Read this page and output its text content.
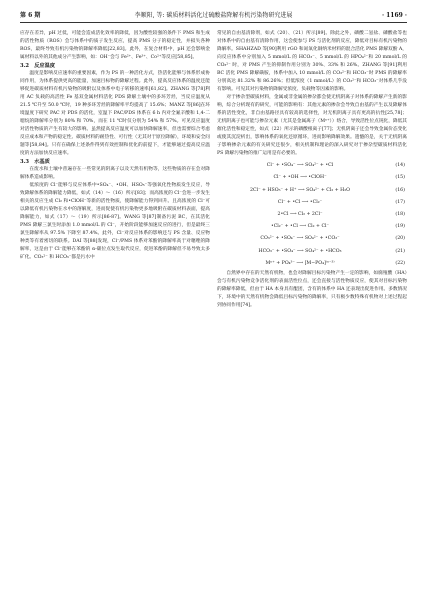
第 6 期	李顺阳, 等: 碳质材料活化过硫酸盐降解有机污染物研究进展	· 1169 ·

应存在差异，pH 过低，可能会造成活化效率的降低，因为酸性较强的条件下 PMS 和生成的活性物质（ROS）会与体系中的质子发生反应，提高 PMS 分子的稳定性，并损失各种 ROS，最终导致有机污染物的降解率降低[22,83]。此外，在复合材料中，pH 还会影响金属材料以外的其他成分产生影响，如：OH⁻会与 Fe²⁺、Fe³⁺、Co²⁺等反应[58,85]。

3.2　反应温度

温度是影响反应速率的重要因素，作为 PS 的一种活化方式，热活化能够与体系形成协同作用，为体系提供更高的能量，加速目标物的降解过程。此外，提高反应体系的温度还能够促进碳质材料有机污染物的吸附以及体系中电子转移的速率[61,82]。ZHANG 等[78]利用 AC 负载的高活性 Fe 基双金属材料活化 PDS 降解土壤中的多环芳烃，当反应温度从 21.5 ℃升至 50.0 ℃时，19 种多环芳烃的降解率平均提高了 15.6%；MANZ 等[86]在环境温度下研究 PAC 对 PDS 的活化，室温下 PAC/PDS 体系在 6 h 内对全氟辛酸和 1,4-二噁烷的降解率分别为 80% 和 70%，而在 11 ℃时仅分别为 54% 和 57%。可见反应温度对活性物质的产生有较大的影响。虽然提高反应温度可以加快降解速率，但也需要综合考虑反应成本和产物的稳定性、碳质材料的耐热性、可行性（无其对于原位降解），环境和安全问题等[58,84]。只有在确保上述条件得到有效控制和优化的前提下，才能够通过提高反应温度的方法加快反应速率。

3.3　水基质

在废水和土壤中普遍存在一些常见的阴离子以及天然有机物等，这些物质的存在会对降解体系造成影响。

低浓度的 Cl⁻能够与反应体系中•SO₄⁻、•OH、HSO₅⁻等强氧化性物质发生反应，导致降解体系的降解能力降低，如式（14）～（16）所示[83]；而高浓度的 Cl⁻会进一步发生相关的反应生成 Cl₂ 和•ClOH⁻等新的活性物质，使降解能力得到回升。且高浓度的 Cl⁻可以降低有机污染物在水中的溶解度，进而促使有机污染物更多地吸附在碳质材料表面，提高降解能力，如式（17）～（19）所示[86-87]。WANG 等[87]制备污泥 BC，在其活化 PMS 降解三氯生时添加 1.0 mmol/L 的 Cl⁻，开始阶段能够加速反应的进行，但是最终三氯生降解率从 97.5% 下降至 87.4%。此外，Cl⁻对反应体系的影响还与 PS 含量、反应物种类等有着密切的联系。DAI 等[88]发现，Cl⁻/PMS 体系对苯酚的降解率高于对噻唑的降解率，这是由于 Cl⁻能够在苯酚的 α-碳位点发生取代反应，促进苯酚的降解但不易导致太多矿化。CO₃²⁻ 和 HCO₃⁻都是污水中

常见的自由基清除剂，如式（20）、（21）所示[89]。除此之外，磷酸二氢盐、磷酸盐等也对体系中的自由基有清除作用，这会使参与 PS 与活化剂的反应，降低对目标有机污染物的降解率。SHAHZAD 等[90]利用 rGO 和氮氧化铜纳米材料的混合活化 PMS 降解双酚 A，向反应体系中分别加入 5 mmol/L 的 HCO₃⁻、5 mmol/L 的 HPO₄²⁻和 20 mmol/L 的 CO₃²⁻ 时，对 PMS 产生的抑制作用分别为 30%、33% 和 26%。ZHANG 等[91]利用 BC 活化 PMS 降解磺胺，体系中加入 10 mmol/L 的 CO₃²⁻和 HCO₃⁻时 PMS 的降解率分别高达 81.32% 和 86.26%；但低浓度（1 mmol/L）的 CO₃²⁻和 HCO₃⁻对体系几乎没有影响。可见其对污染物的降解受浓度、负载物等因素的影响。

对于掺杂型碳质材料，金属或非金属的掺杂都会使无机阴离子对体系的降解产生新的影响，综合分析现有的研究，可能的影响有：其他元素的掺杂会导致自由基的产生以及降解体系的活性变化，非自由基路径具有较高的选择性，对无机阴离子具有更高的抗性[25,78]；无机阴离子也可能与掺杂元素（尤其是金属离子（Mⁿ⁺））络合，导致活性位点钝化，降低其催化活性和稳定性，如式（22）所示的磷酸根离子[77]；无机阴离子还会导致金属价态变化或使其沉淀析出，影响体系的氧化还原循环，进而影响降解效果。遗憾的是，关于无机阴离子影响掺杂元素的有关研究还很少，相关机制和理论的深入研究对于掺杂型碳质材料活化 PS 降解污染物的推广运用是有必要的。

Cl⁻ + •SO₄⁻ ⟶ SO₄²⁻ + •Cl	(14)
Cl⁻ + •OH ⟶ •ClOH⁻	(15)
2Cl⁻ + HSO₅⁻ + H⁺ ⟶ SO₄²⁻ + Cl₂ + H₂O	(16)
Cl⁻ + •Cl ⟶ •Cl₂⁻	(17)
2•Cl ⟶ Cl₂ + 2Cl⁻	(18)
•Cl₂⁻ + •Cl ⟶ Cl₂ + Cl⁻	(19)
CO₃²⁻ + •SO₄⁻ ⟶ SO₄²⁻ + •CO₃⁻	(20)
HCO₃⁻ + •SO₄⁻ ⟶ SO₄²⁻ + •HCO₃	(21)
Mⁿ⁺ + PO₄³⁻ ⟶ [M−PO₄]⁽ⁿ⁻³⁾	(22)

自然界中存在的天然有机物，也会对降解目标污染物产生一定的影响，如腐殖酸（HA）会与有机污染物竞争活化剂的表面活性位点，还会直接与活性物质反应，使其对目标污染物的降解率降低，但由于 HA 本身具有醌团，含有的体系中 HA 还表现出促进作用。多数情况下，环境中的天然有机物会降低目标污染物的降解率，只有极少数特殊有机物对上述过程起到协同作用[74]。
